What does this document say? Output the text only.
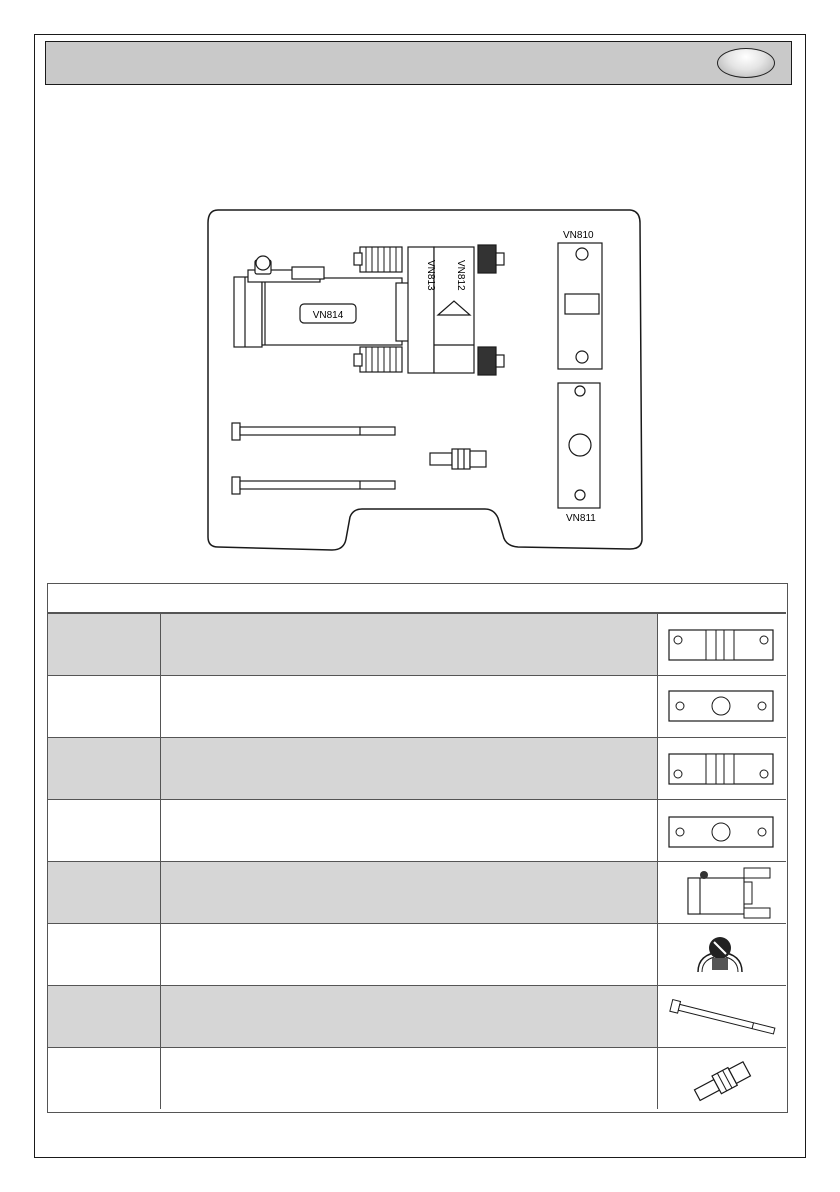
VN814
VN813 VN812
VN810
VN811
